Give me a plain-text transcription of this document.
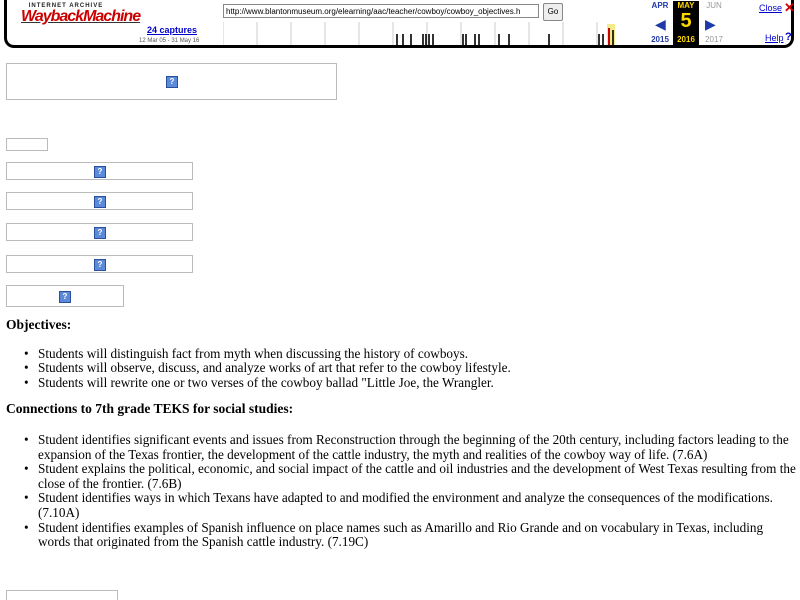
INTERNET ARCHIVE
WaybackMachine
24 captures
12 Mar 05 - 31 May 16
http://www.blantonmuseum.org/elearning/aac/teacher/cowboy/cowboy_objectives.h	Go
APR	MAY	JUN
5
◀	▶
2015	2016	2017
Close ✕
Help ?
?
?
?
?
?
?
Objectives:
• Students will distinguish fact from myth when discussing the history of cowboys.
• Students will observe, discuss, and analyze works of art that refer to the cowboy lifestyle.
• Students will rewrite one or two verses of the cowboy ballad "Little Joe, the Wrangler.
Connections to 7th grade TEKS for social studies:
• Student identifies significant events and issues from Reconstruction through the beginning of the 20th century, including factors leading to the expansion of the Texas frontier, the development of the cattle industry, the myth and realities of the cowboy way of life. (7.6A)
• Student explains the political, economic, and social impact of the cattle and oil industries and the development of West Texas resulting from the close of the frontier. (7.6B)
• Student identifies ways in which Texans have adapted to and modified the environment and analyze the consequences of the modifications. (7.10A)
• Student identifies examples of Spanish influence on place names such as Amarillo and Rio Grande and on vocabulary in Texas, including words that originated from the Spanish cattle industry. (7.19C)
